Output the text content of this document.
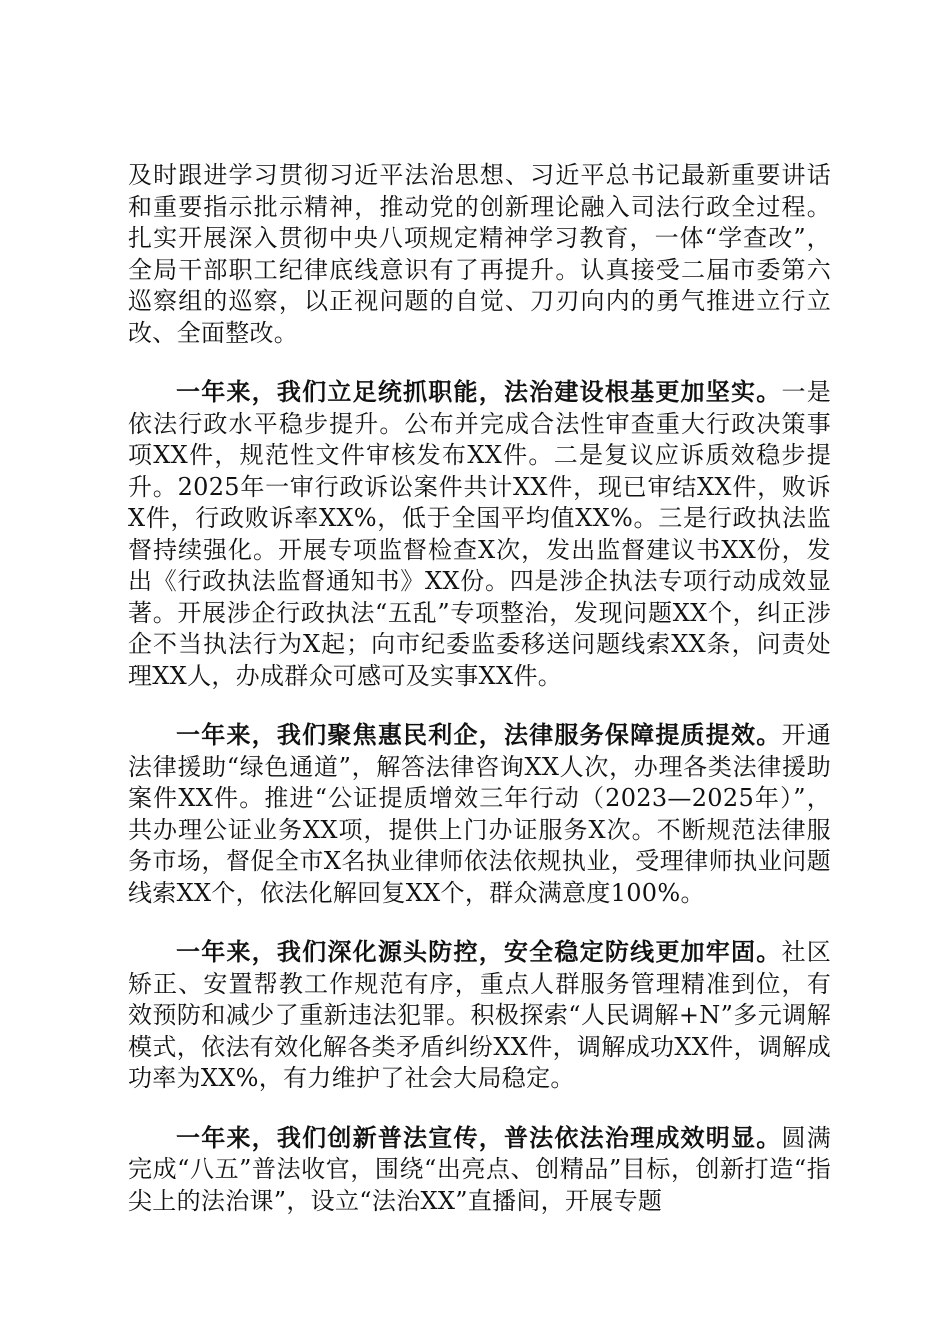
及时跟进学习贯彻习近平法治思想、习近平总书记最新重要讲话和重要指示批示精神，推动党的创新理论融入司法行政全过程。扎实开展深入贯彻中央八项规定精神学习教育，一体“学查改”，全局干部职工纪律底线意识有了再提升。认真接受二届市委第六巡察组的巡察，以正视问题的自觉、刀刃向内的勇气推进立行立改、全面整改。

一年来，我们立足统抓职能，法治建设根基更加坚实。一是依法行政水平稳步提升。公布并完成合法性审查重大行政决策事项XX件，规范性文件审核发布XX件。二是复议应诉质效稳步提升。2025年一审行政诉讼案件共计XX件，现已审结XX件，败诉X件，行政败诉率XX%，低于全国平均值XX%。三是行政执法监督持续强化。开展专项监督检查X次，发出监督建议书XX份，发出《行政执法监督通知书》XX份。四是涉企执法专项行动成效显著。开展涉企行政执法“五乱”专项整治，发现问题XX个，纠正涉企不当执法行为X起；向市纪委监委移送问题线索XX条，问责处理XX人，办成群众可感可及实事XX件。

一年来，我们聚焦惠民利企，法律服务保障提质提效。开通法律援助“绿色通道”，解答法律咨询XX人次，办理各类法律援助案件XX件。推进“公证提质增效三年行动（2023—2025年）”，共办理公证业务XX项，提供上门办证服务X次。不断规范法律服务市场，督促全市X名执业律师依法依规执业，受理律师执业问题线索XX个，依法化解回复XX个，群众满意度100%。

一年来，我们深化源头防控，安全稳定防线更加牢固。社区矫正、安置帮教工作规范有序，重点人群服务管理精准到位，有效预防和减少了重新违法犯罪。积极探索“人民调解+N”多元调解模式，依法有效化解各类矛盾纠纷XX件，调解成功XX件，调解成功率为XX%，有力维护了社会大局稳定。

一年来，我们创新普法宣传，普法依法治理成效明显。圆满完成“八五”普法收官，围绕“出亮点、创精品”目标，创新打造“指尖上的法治课”，设立“法治XX”直播间，开展专题
